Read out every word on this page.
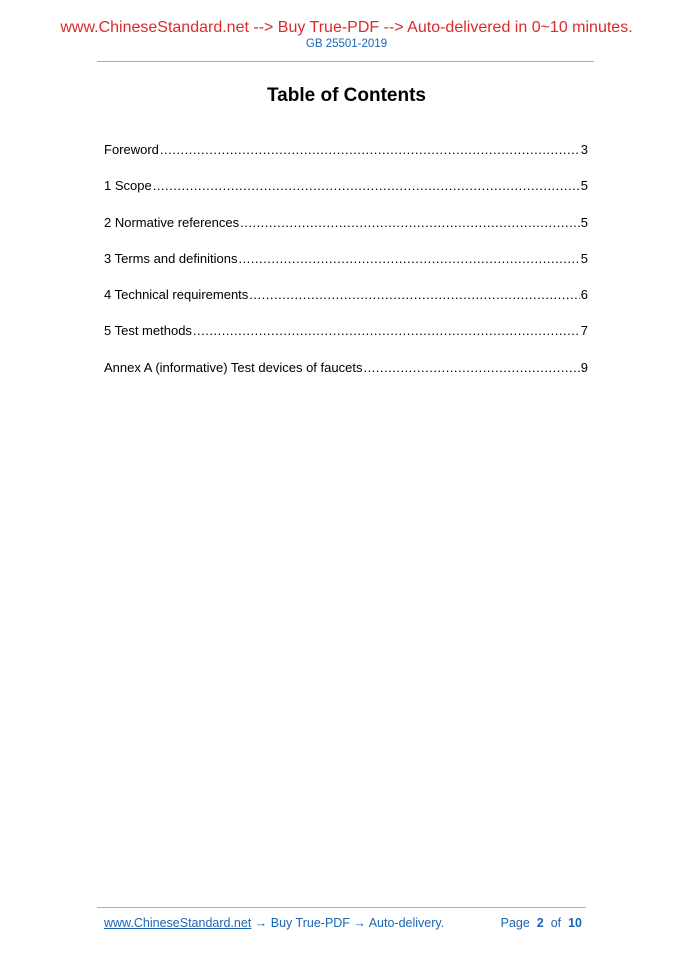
www.ChineseStandard.net --> Buy True-PDF --> Auto-delivered in 0~10 minutes.
GB 25501-2019
Table of Contents
Foreword .....	3
1 Scope .....	5
2 Normative references .....	5
3 Terms and definitions .....	5
4 Technical requirements .....	6
5 Test methods .....	7
Annex A (informative) Test devices of faucets .....	9
www.ChineseStandard.net → Buy True-PDF → Auto-delivery.	Page 2 of 10
